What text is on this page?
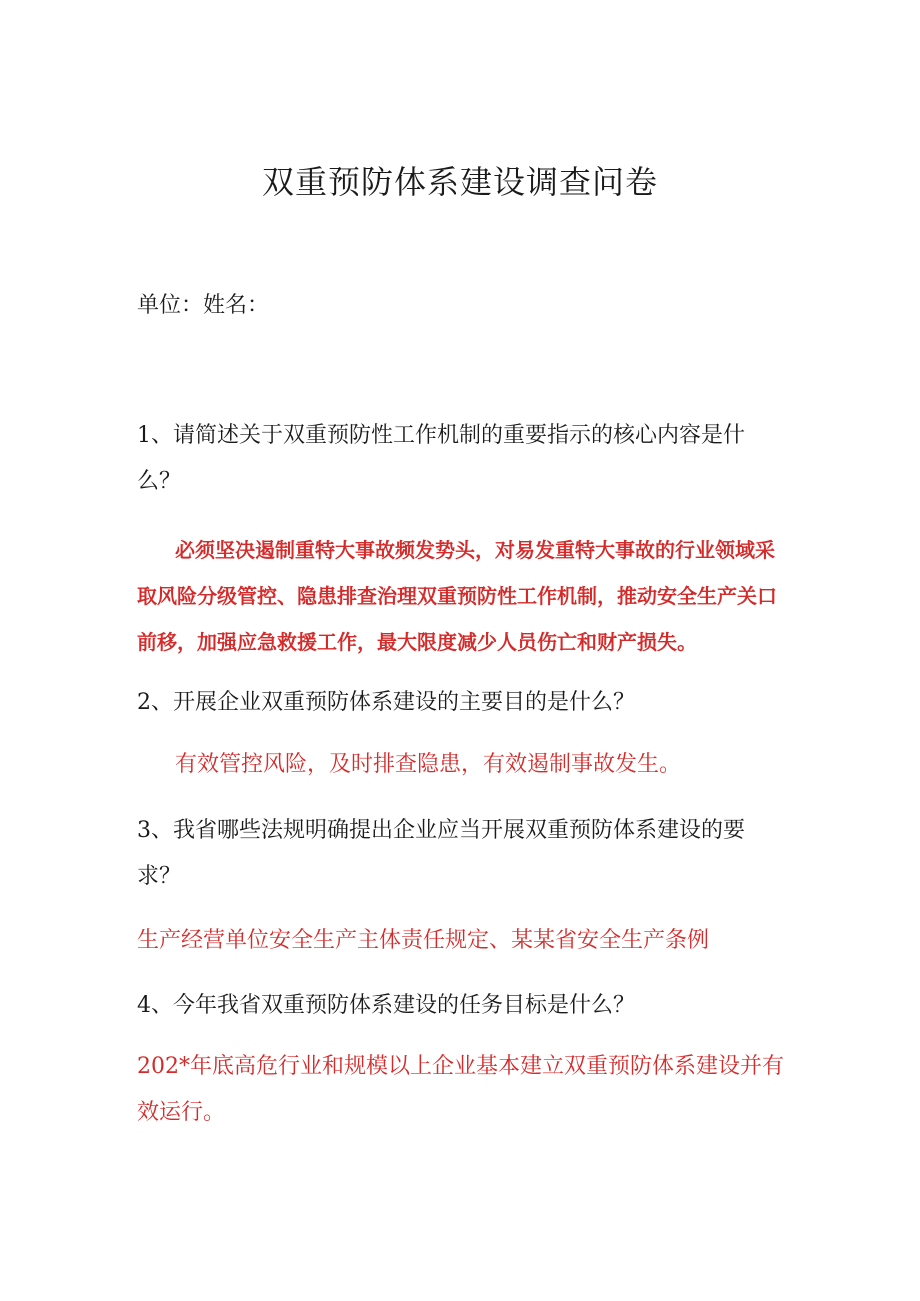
双重预防体系建设调查问卷

单位：姓名：

1、请简述关于双重预防性工作机制的重要指示的核心内容是什么？

必须坚决遏制重特大事故频发势头，对易发重特大事故的行业领域采取风险分级管控、隐患排查治理双重预防性工作机制，推动安全生产关口前移，加强应急救援工作，最大限度减少人员伤亡和财产损失。

2、开展企业双重预防体系建设的主要目的是什么？

有效管控风险，及时排查隐患，有效遏制事故发生。

3、我省哪些法规明确提出企业应当开展双重预防体系建设的要求？

生产经营单位安全生产主体责任规定、某某省安全生产条例

4、今年我省双重预防体系建设的任务目标是什么？

202*年底高危行业和规模以上企业基本建立双重预防体系建设并有效运行。
